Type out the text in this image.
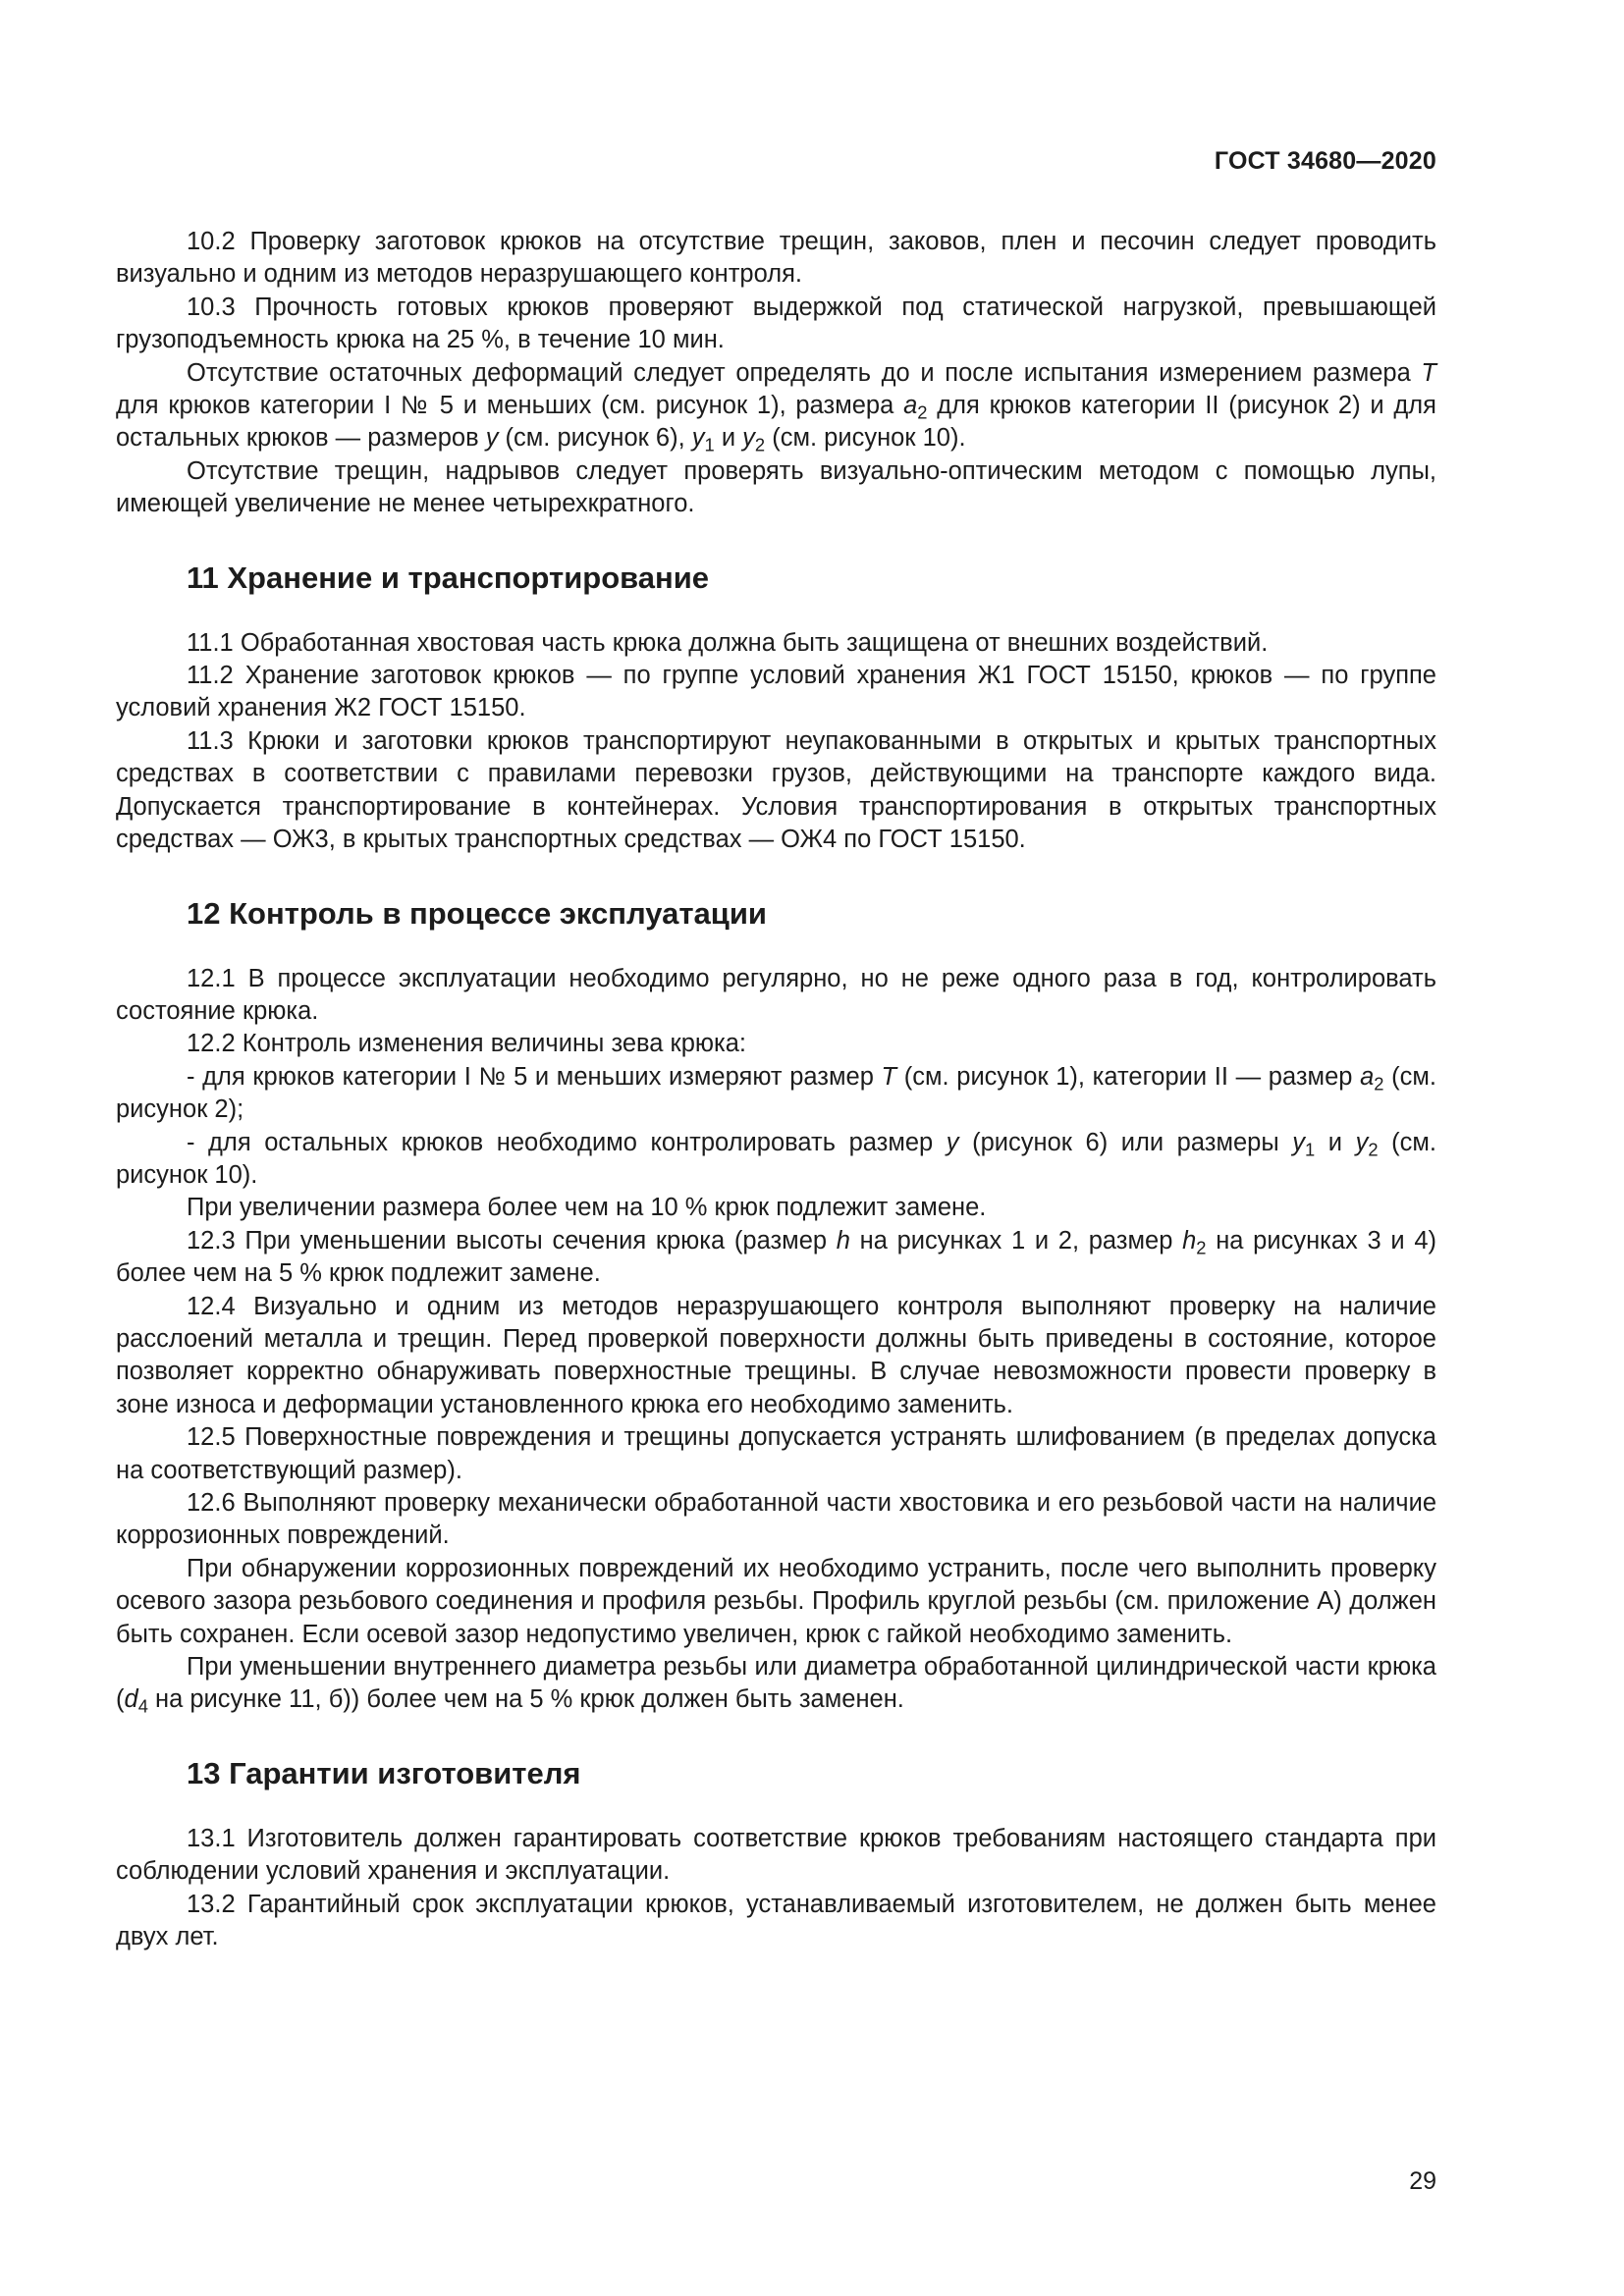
ГОСТ 34680—2020

10.2 Проверку заготовок крюков на отсутствие трещин, заковов, плен и песочин следует проводить визуально и одним из методов неразрушающего контроля.

10.3 Прочность готовых крюков проверяют выдержкой под статической нагрузкой, превышающей грузоподъемность крюка на 25 %, в течение 10 мин.

Отсутствие остаточных деформаций следует определять до и после испытания измерением размера Т для крюков категории I № 5 и меньших (см. рисунок 1), размера $a_2$ для крюков категории II (рисунок 2) и для остальных крюков — размеров у (см. рисунок 6), $у_1$ и $у_2$ (см. рисунок 10).

Отсутствие трещин, надрывов следует проверять визуально-оптическим методом с помощью лупы, имеющей увеличение не менее четырехкратного.

11 Хранение и транспортирование

11.1 Обработанная хвостовая часть крюка должна быть защищена от внешних воздействий.

11.2 Хранение заготовок крюков — по группе условий хранения Ж1 ГОСТ 15150, крюков — по группе условий хранения Ж2 ГОСТ 15150.

11.3 Крюки и заготовки крюков транспортируют неупакованными в открытых и крытых транспортных средствах в соответствии с правилами перевозки грузов, действующими на транспорте каждого вида. Допускается транспортирование в контейнерах. Условия транспортирования в открытых транспортных средствах — ОЖ3, в крытых транспортных средствах — ОЖ4 по ГОСТ 15150.

12 Контроль в процессе эксплуатации

12.1 В процессе эксплуатации необходимо регулярно, но не реже одного раза в год, контролировать состояние крюка.

12.2 Контроль изменения величины зева крюка:

- для крюков категории I № 5 и меньших измеряют размер Т (см. рисунок 1), категории II — размер $a_2$ (см. рисунок 2);

- для остальных крюков необходимо контролировать размер у (рисунок 6) или размеры $у_1$ и $у_2$ (см. рисунок 10).

При увеличении размера более чем на 10 % крюк подлежит замене.

12.3 При уменьшении высоты сечения крюка (размер h на рисунках 1 и 2, размер $h_2$ на рисунках 3 и 4) более чем на 5 % крюк подлежит замене.

12.4 Визуально и одним из методов неразрушающего контроля выполняют проверку на наличие расслоений металла и трещин. Перед проверкой поверхности должны быть приведены в состояние, которое позволяет корректно обнаруживать поверхностные трещины. В случае невозможности провести проверку в зоне износа и деформации установленного крюка его необходимо заменить.

12.5 Поверхностные повреждения и трещины допускается устранять шлифованием (в пределах допуска на соответствующий размер).

12.6 Выполняют проверку механически обработанной части хвостовика и его резьбовой части на наличие коррозионных повреждений.

При обнаружении коррозионных повреждений их необходимо устранить, после чего выполнить проверку осевого зазора резьбового соединения и профиля резьбы. Профиль круглой резьбы (см. приложение А) должен быть сохранен. Если осевой зазор недопустимо увеличен, крюк с гайкой необходимо заменить.

При уменьшении внутреннего диаметра резьбы или диаметра обработанной цилиндрической части крюка ($d_4$ на рисунке 11, б)) более чем на 5 % крюк должен быть заменен.

13 Гарантии изготовителя

13.1 Изготовитель должен гарантировать соответствие крюков требованиям настоящего стандарта при соблюдении условий хранения и эксплуатации.

13.2 Гарантийный срок эксплуатации крюков, устанавливаемый изготовителем, не должен быть менее двух лет.

29
